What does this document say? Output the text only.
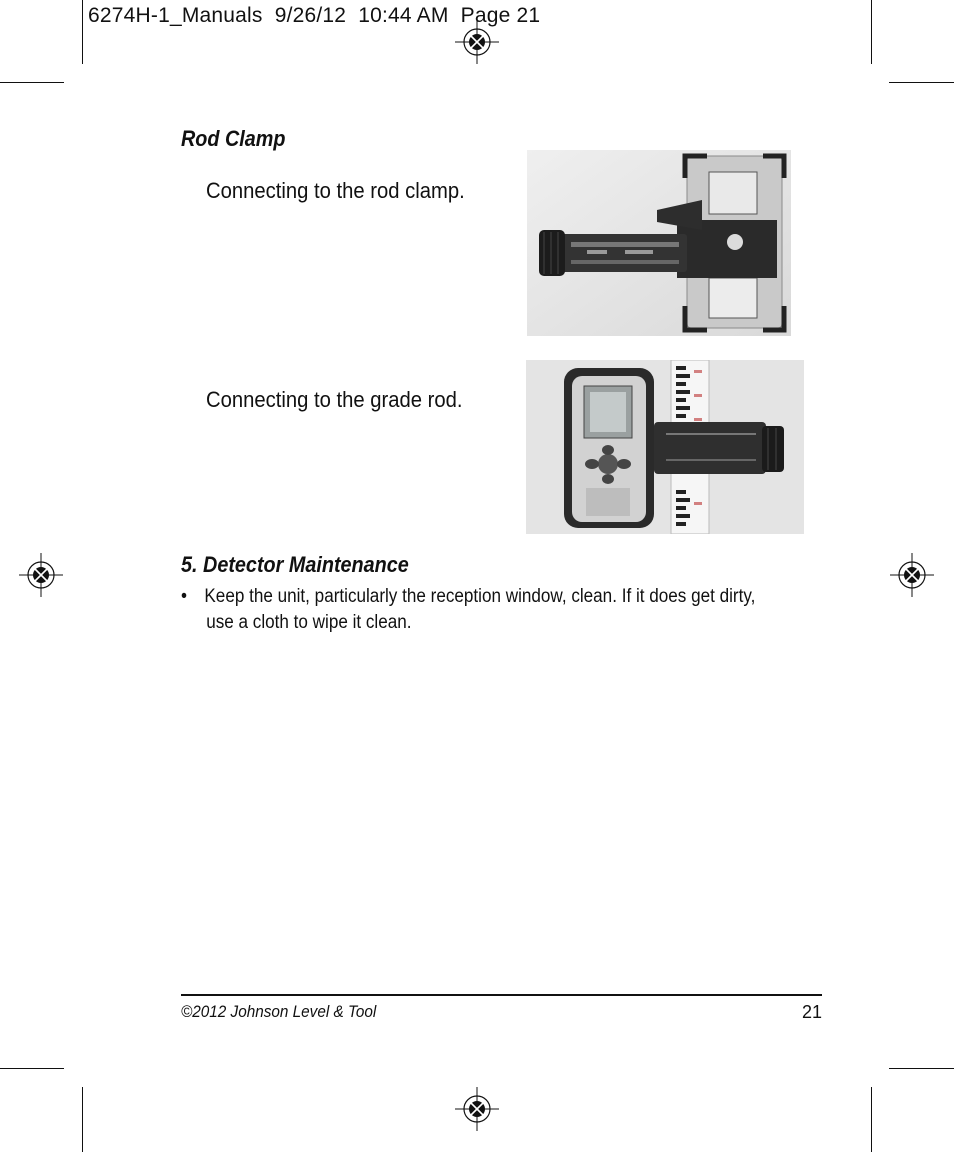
6274H-1_Manuals 9/26/12 10:44 AM Page 21
Rod Clamp
Connecting to the rod clamp.
Connecting to the grade rod.
5. Detector Maintenance
• Keep the unit, particularly the reception window, clean. If it does get dirty,
use a cloth to wipe it clean.
©2012 Johnson Level & Tool	21
